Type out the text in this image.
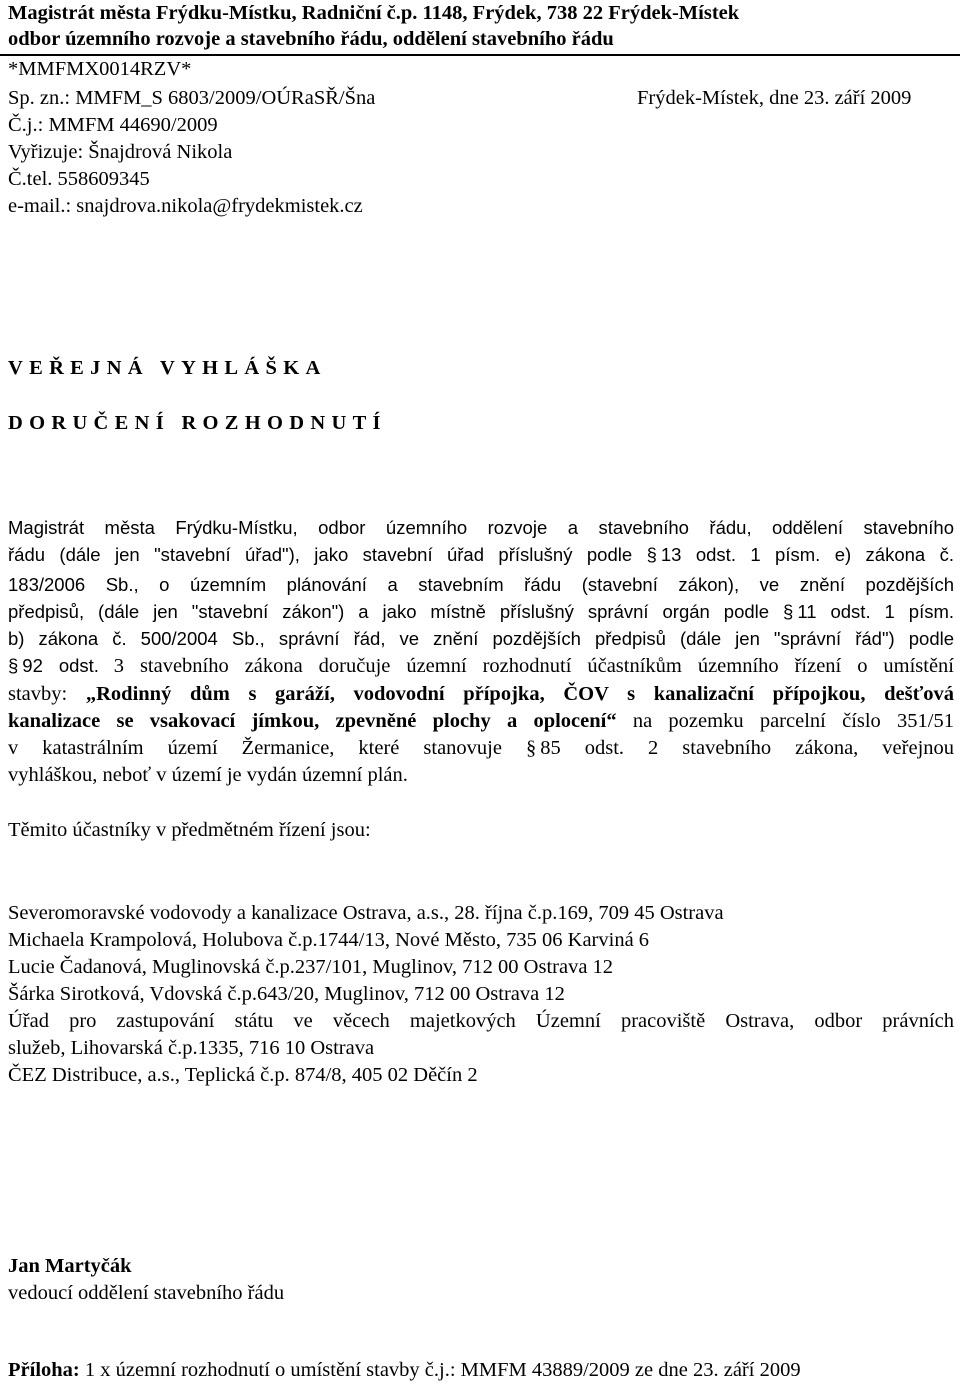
Magistrát města Frýdku-Místku, Radniční č.p. 1148, Frýdek, 738 22 Frýdek-Místek
odbor územního rozvoje a stavebního řádu, oddělení stavebního řádu
*MMFMX0014RZV*
Sp. zn.: MMFM_S 6803/2009/OÚRaSŘ/Šna	Frýdek-Místek, dne 23. září 2009
Č.j.: MMFM 44690/2009
Vyřizuje: Šnajdrová Nikola
Č.tel. 558609345
e-mail.: snajdrova.nikola@frydekmistek.cz
VEŘEJNÁ VYHLÁŠKA
DORUČENÍ ROZHODNUTÍ
Magistrát města Frýdku-Místku, odbor územního rozvoje a stavebního řádu, oddělení stavebního
řádu (dále jen "stavební úřad"), jako stavební úřad příslušný podle § 13 odst. 1 písm. e) zákona č.
183/2006 Sb., o územním plánování a stavebním řádu (stavební zákon), ve znění pozdějších
předpisů, (dále jen "stavební zákon") a jako místně příslušný správní orgán podle § 11 odst. 1 písm.
b) zákona č. 500/2004 Sb., správní řád, ve znění pozdějších předpisů (dále jen "správní řád") podle
§ 92 odst. 3 stavebního zákona doručuje územní rozhodnutí účastníkům územního řízení o umístění
stavby: „Rodinný dům s garáží, vodovodní přípojka, ČOV s kanalizační přípojkou, dešťová
kanalizace se vsakovací jímkou, zpevněné plochy a oplocení“ na pozemku parcelní číslo 351/51
v katastrálním území Žermanice, které stanovuje § 85 odst. 2 stavebního zákona, veřejnou
vyhláškou, neboť v území je vydán územní plán.
Těmito účastníky v předmětném řízení jsou:
Severomoravské vodovody a kanalizace Ostrava, a.s., 28. října č.p.169, 709 45 Ostrava
Michaela Krampolová, Holubova č.p.1744/13, Nové Město, 735 06 Karviná 6
Lucie Čadanová, Muglinovská č.p.237/101, Muglinov, 712 00 Ostrava 12
Šárka Sirotková, Vdovská č.p.643/20, Muglinov, 712 00 Ostrava 12
Úřad pro zastupování státu ve věcech majetkových Územní pracoviště Ostrava, odbor právních
služeb, Lihovarská č.p.1335, 716 10 Ostrava
ČEZ Distribuce, a.s., Teplická č.p. 874/8, 405 02 Děčín 2
Jan Martyčák
vedoucí oddělení stavebního řádu
Příloha: 1 x územní rozhodnutí o umístění stavby č.j.: MMFM 43889/2009 ze dne 23. září 2009
